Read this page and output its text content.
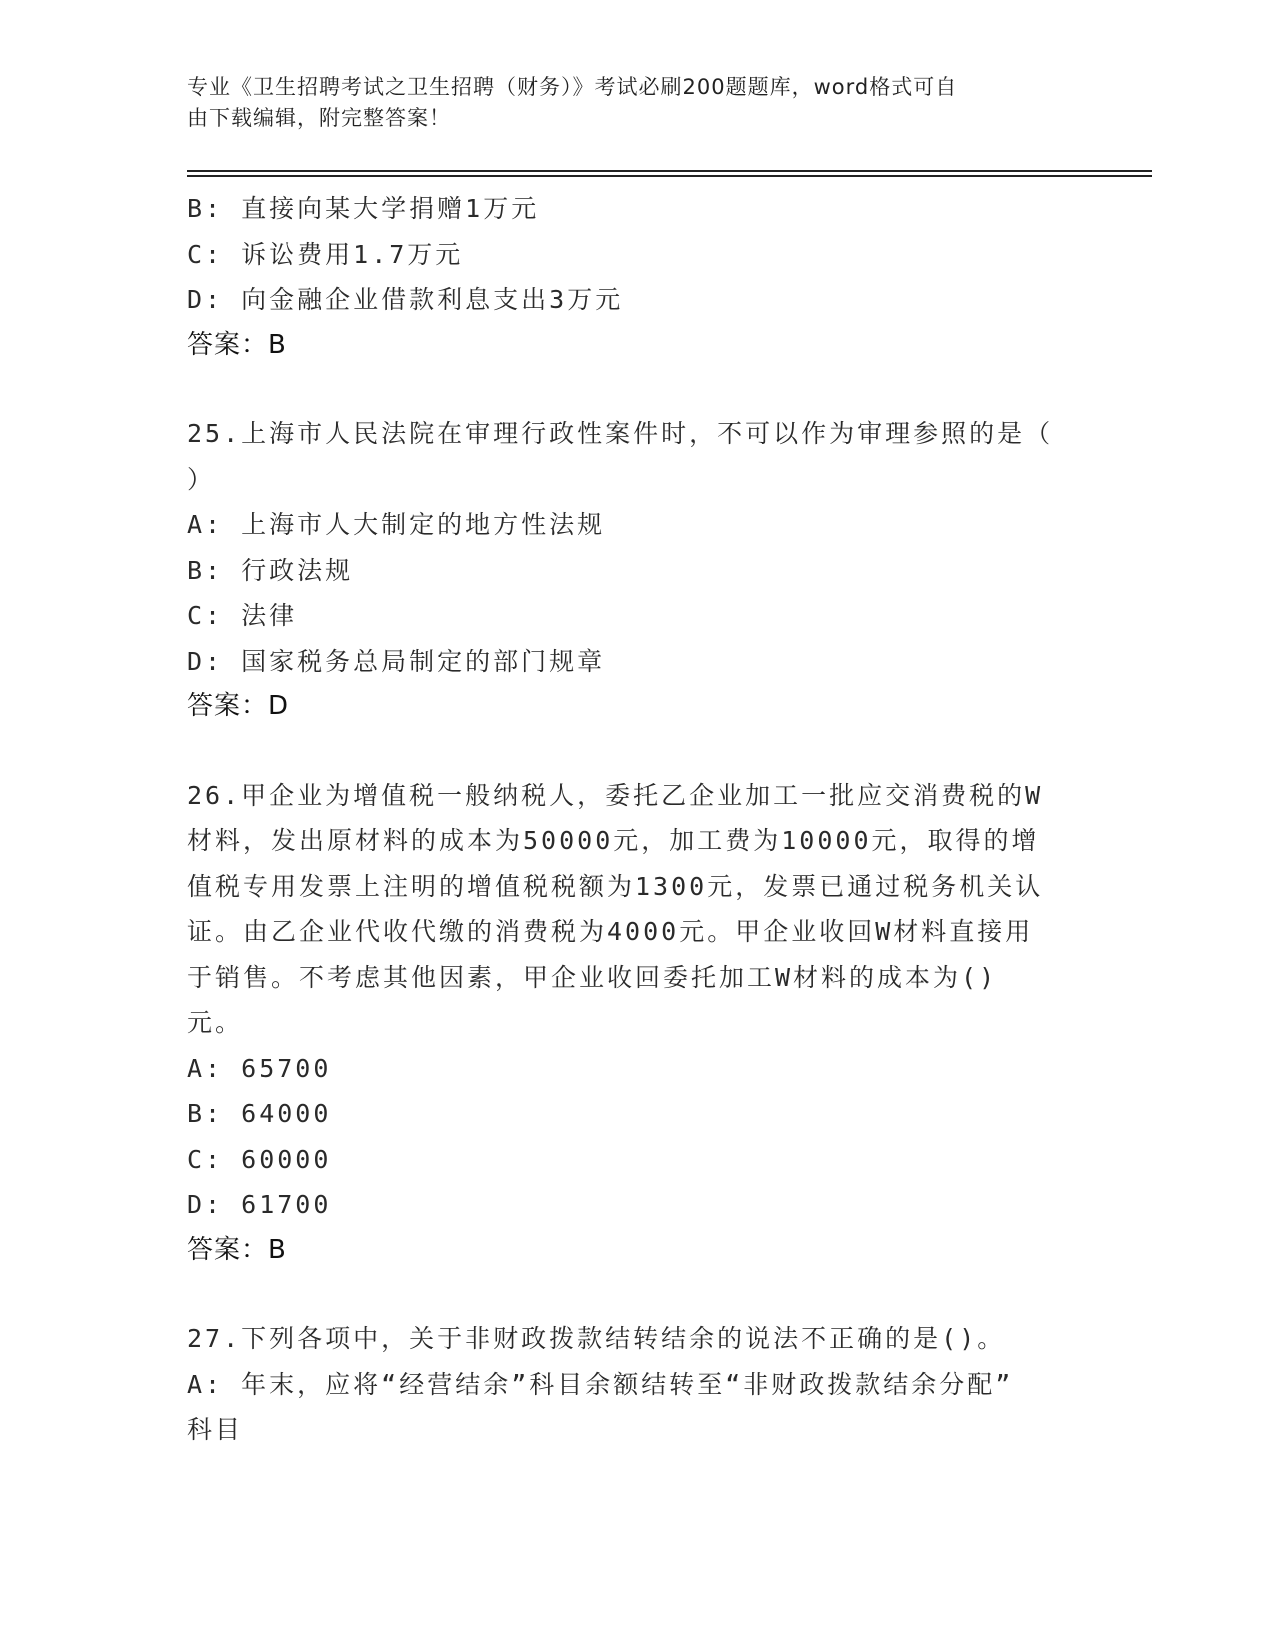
专业《卫生招聘考试之卫生招聘（财务）》考试必刷200题题库，word格式可自
由下载编辑，附完整答案！
B: 直接向某大学捐赠1万元
C: 诉讼费用1.7万元
D: 向金融企业借款利息支出3万元
答案：B
25.上海市人民法院在审理行政性案件时，不可以作为审理参照的是（
）
A: 上海市人大制定的地方性法规
B: 行政法规
C: 法律
D: 国家税务总局制定的部门规章
答案：D
26.甲企业为增值税一般纳税人，委托乙企业加工一批应交消费税的W
材料，发出原材料的成本为50000元，加工费为10000元，取得的增
值税专用发票上注明的增值税税额为1300元，发票已通过税务机关认
证。由乙企业代收代缴的消费税为4000元。甲企业收回W材料直接用
于销售。不考虑其他因素，甲企业收回委托加工W材料的成本为()
元。
A: 65700
B: 64000
C: 60000
D: 61700
答案：B
27.下列各项中，关于非财政拨款结转结余的说法不正确的是()。
A: 年末，应将“经营结余”科目余额结转至“非财政拨款结余分配”
科目
